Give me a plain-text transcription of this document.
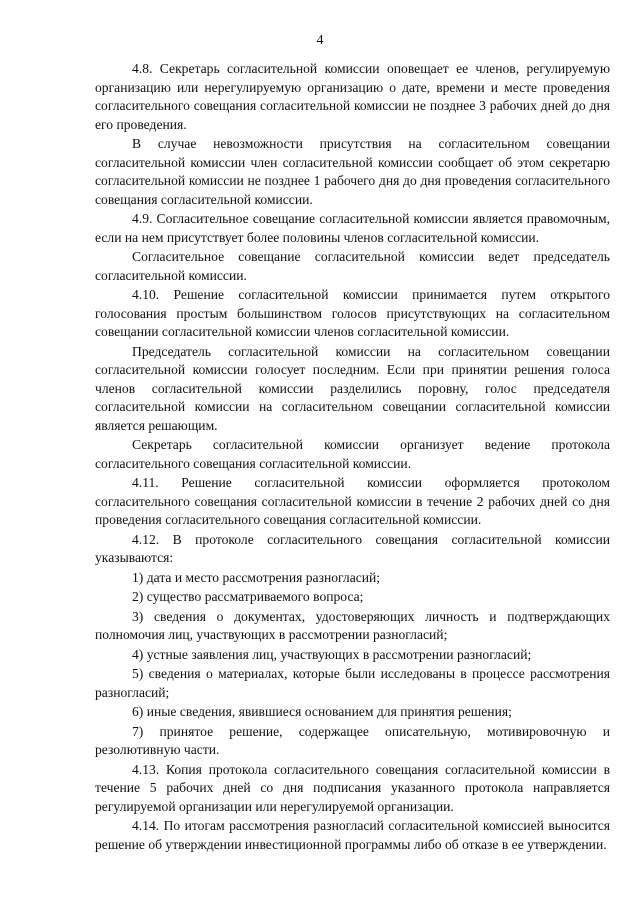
4

4.8. Секретарь согласительной комиссии оповещает ее членов, регулируемую организацию или нерегулируемую организацию о дате, времени и месте проведения согласительного совещания согласительной комиссии не позднее 3 рабочих дней до дня его проведения.

В случае невозможности присутствия на согласительном совещании согласительной комиссии член согласительной комиссии сообщает об этом секретарю согласительной комиссии не позднее 1 рабочего дня до дня проведения согласительного совещания согласительной комиссии.

4.9. Согласительное совещание согласительной комиссии является правомочным, если на нем присутствует более половины членов согласительной комиссии.

Согласительное совещание согласительной комиссии ведет председатель согласительной комиссии.

4.10. Решение согласительной комиссии принимается путем открытого голосования простым большинством голосов присутствующих на согласительном совещании согласительной комиссии членов согласительной комиссии.

Председатель согласительной комиссии на согласительном совещании согласительной комиссии голосует последним. Если при принятии решения голоса членов согласительной комиссии разделились поровну, голос председателя согласительной комиссии на согласительном совещании согласительной комиссии является решающим.

Секретарь согласительной комиссии организует ведение протокола согласительного совещания согласительной комиссии.

4.11. Решение согласительной комиссии оформляется протоколом согласительного совещания согласительной комиссии в течение 2 рабочих дней со дня проведения согласительного совещания согласительной комиссии.

4.12. В протоколе согласительного совещания согласительной комиссии указываются:

1) дата и место рассмотрения разногласий;

2) существо рассматриваемого вопроса;

3) сведения о документах, удостоверяющих личность и подтверждающих полномочия лиц, участвующих в рассмотрении разногласий;

4) устные заявления лиц, участвующих в рассмотрении разногласий;

5) сведения о материалах, которые были исследованы в процессе рассмотрения разногласий;

6) иные сведения, явившиеся основанием для принятия решения;

7) принятое решение, содержащее описательную, мотивировочную и резолютивную части.

4.13. Копия протокола согласительного совещания согласительной комиссии в течение 5 рабочих дней со дня подписания указанного протокола направляется регулируемой организации или нерегулируемой организации.

4.14. По итогам рассмотрения разногласий согласительной комиссией выносится решение об утверждении инвестиционной программы либо об отказе в ее утверждении.
